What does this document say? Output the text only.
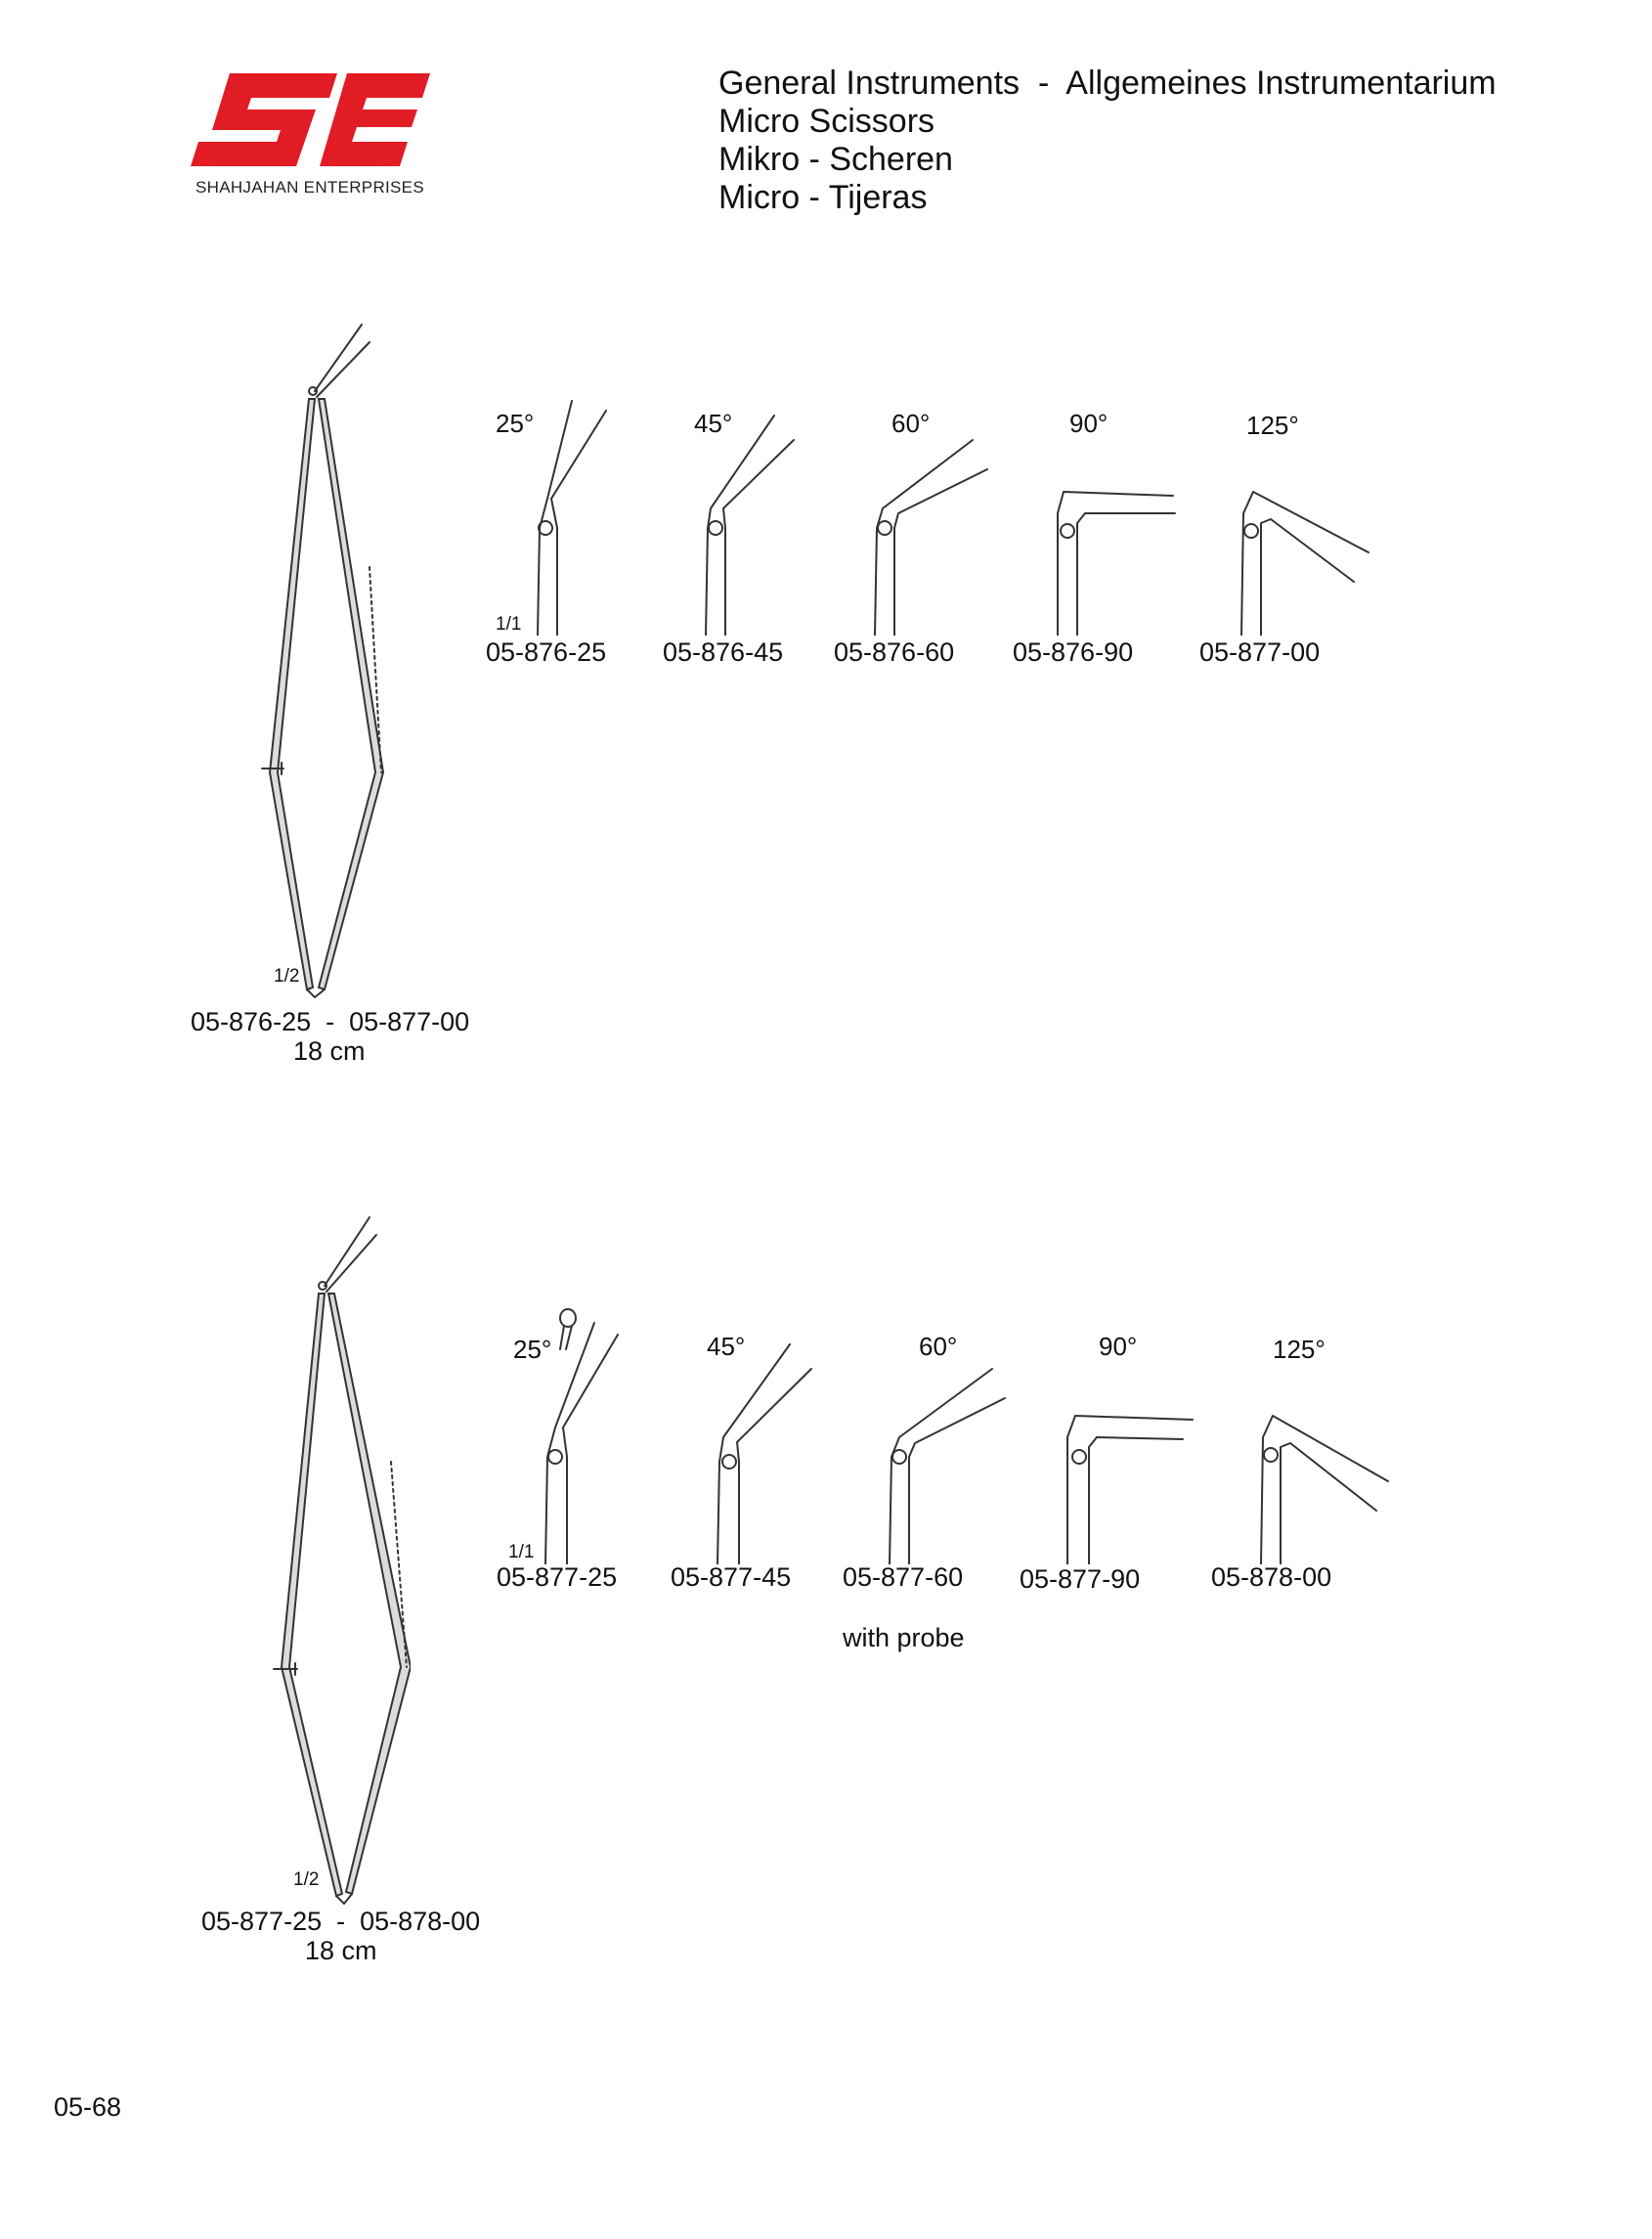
SHAHJAHAN ENTERPRISES
General Instruments - Allgemeines Instrumentarium
Micro Scissors
Mikro - Scheren
Micro - Tijeras
1/2
05-876-25  -  05-877-00
18 cm
25°	45°	60°	90°	125°
1/1
05-876-25 05-876-45 05-876-60 05-876-90	05-877-00
1/2
05-877-25  -  05-878-00
18 cm
25°	45°	60°	90°	125°
1/1
05-877-25 05-877-45 05-877-60 05-877-90	05-878-00
with probe
05-68
